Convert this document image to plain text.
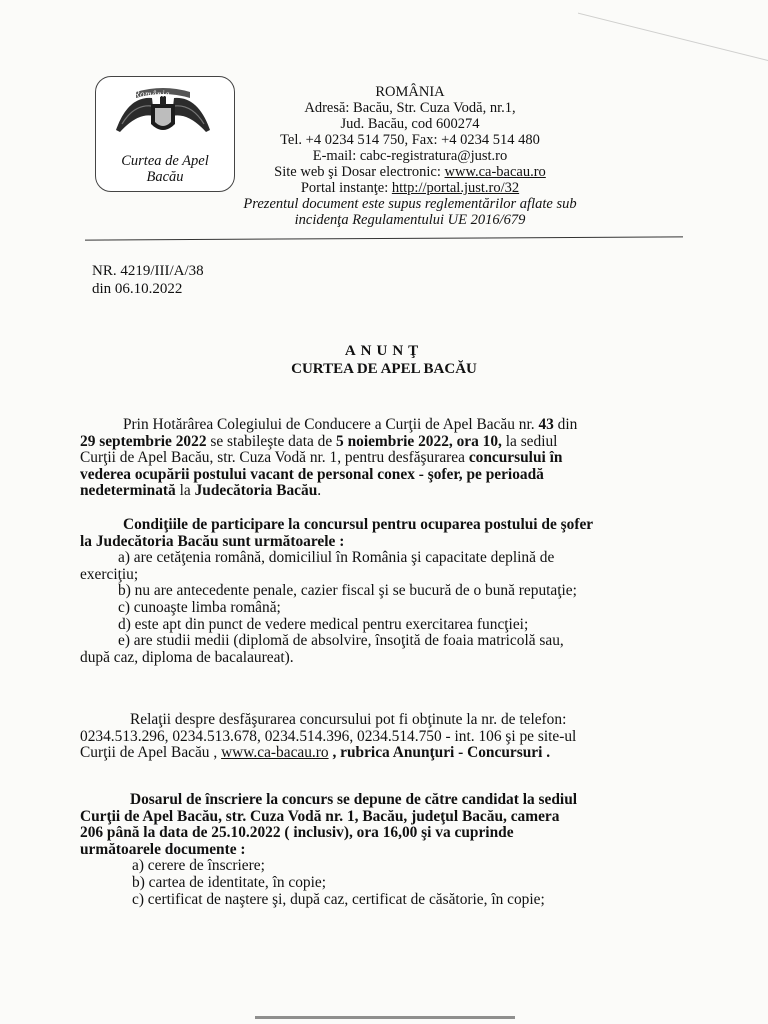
România
Curtea de Apel
Bacău
ROMÂNIA
Adresă: Bacău, Str. Cuza Vodă, nr.1,
Jud. Bacău, cod 600274
Tel. +4 0234 514 750, Fax: +4 0234 514 480
E-mail: cabc-registratura@just.ro
Site web şi Dosar electronic: www.ca-bacau.ro
Portal instanţe: http://portal.just.ro/32
Prezentul document este supus reglementărilor aflate sub
incidenţa Regulamentului UE 2016/679
NR. 4219/III/A/38
din 06.10.2022
ANUNŢ
CURTEA DE APEL BACĂU
Prin Hotărârea Colegiului de Conducere a Curţii de Apel Bacău nr. 43 din
29 septembrie 2022 se stabileşte data de 5 noiembrie 2022, ora 10, la sediul
Curţii de Apel Bacău, str. Cuza Vodă nr. 1, pentru desfăşurarea concursului în
vederea ocupării postului vacant de personal conex - şofer, pe perioadă
nedeterminată la Judecătoria Bacău.
Condiţiile de participare la concursul pentru ocuparea postului de şofer
la Judecătoria Bacău sunt următoarele :
a) are cetăţenia română, domiciliul în România şi capacitate deplină de
exerciţiu;
b) nu are antecedente penale, cazier fiscal şi se bucură de o bună reputaţie;
c) cunoaşte limba română;
d) este apt din punct de vedere medical pentru exercitarea funcţiei;
e) are studii medii (diplomă de absolvire, însoţită de foaia matricolă sau,
după caz, diploma de bacalaureat).
Relaţii despre desfăşurarea concursului pot fi obţinute la nr. de telefon:
0234.513.296, 0234.513.678, 0234.514.396, 0234.514.750 - int. 106 şi pe site-ul
Curţii de Apel Bacău , www.ca-bacau.ro , rubrica Anunţuri - Concursuri .
Dosarul de înscriere la concurs se depune de către candidat la sediul
Curţii de Apel Bacău, str. Cuza Vodă nr. 1, Bacău, judeţul Bacău, camera
206 până la data de 25.10.2022 ( inclusiv), ora 16,00 şi va cuprinde
următoarele documente :
a) cerere de înscriere;
b) cartea de identitate, în copie;
c) certificat de naştere şi, după caz, certificat de căsătorie, în copie;
